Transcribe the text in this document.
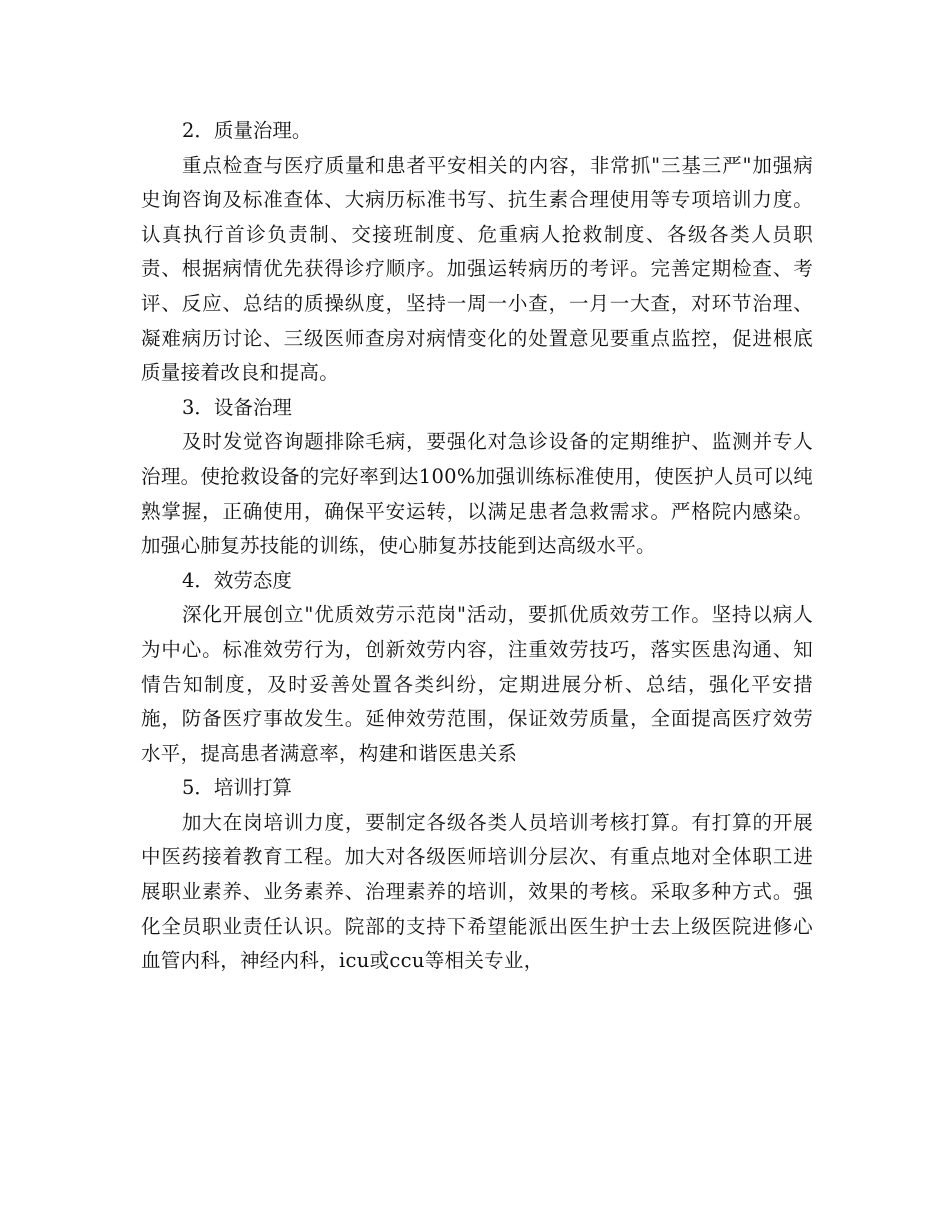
2．质量治理。

重点检查与医疗质量和患者平安相关的内容，非常抓"三基三严"加强病史询咨询及标准查体、大病历标准书写、抗生素合理使用等专项培训力度。认真执行首诊负责制、交接班制度、危重病人抢救制度、各级各类人员职责、根据病情优先获得诊疗顺序。加强运转病历的考评。完善定期检查、考评、反应、总结的质操纵度，坚持一周一小查，一月一大查，对环节治理、凝难病历讨论、三级医师查房对病情变化的处置意见要重点监控，促进根底质量接着改良和提高。

3．设备治理

及时发觉咨询题排除毛病，要强化对急诊设备的定期维护、监测并专人治理。使抢救设备的完好率到达100%加强训练标准使用，使医护人员可以纯熟掌握，正确使用，确保平安运转，以满足患者急救需求。严格院内感染。加强心肺复苏技能的训练，使心肺复苏技能到达高级水平。

4．效劳态度

深化开展创立"优质效劳示范岗"活动，要抓优质效劳工作。坚持以病人为中心。标准效劳行为，创新效劳内容，注重效劳技巧，落实医患沟通、知情告知制度，及时妥善处置各类纠纷，定期进展分析、总结，强化平安措施，防备医疗事故发生。延伸效劳范围，保证效劳质量，全面提高医疗效劳水平，提高患者满意率，构建和谐医患关系

5．培训打算

加大在岗培训力度，要制定各级各类人员培训考核打算。有打算的开展中医药接着教育工程。加大对各级医师培训分层次、有重点地对全体职工进展职业素养、业务素养、治理素养的培训，效果的考核。采取多种方式。强化全员职业责任认识。院部的支持下希望能派出医生护士去上级医院进修心血管内科，神经内科，icu或ccu等相关专业，
